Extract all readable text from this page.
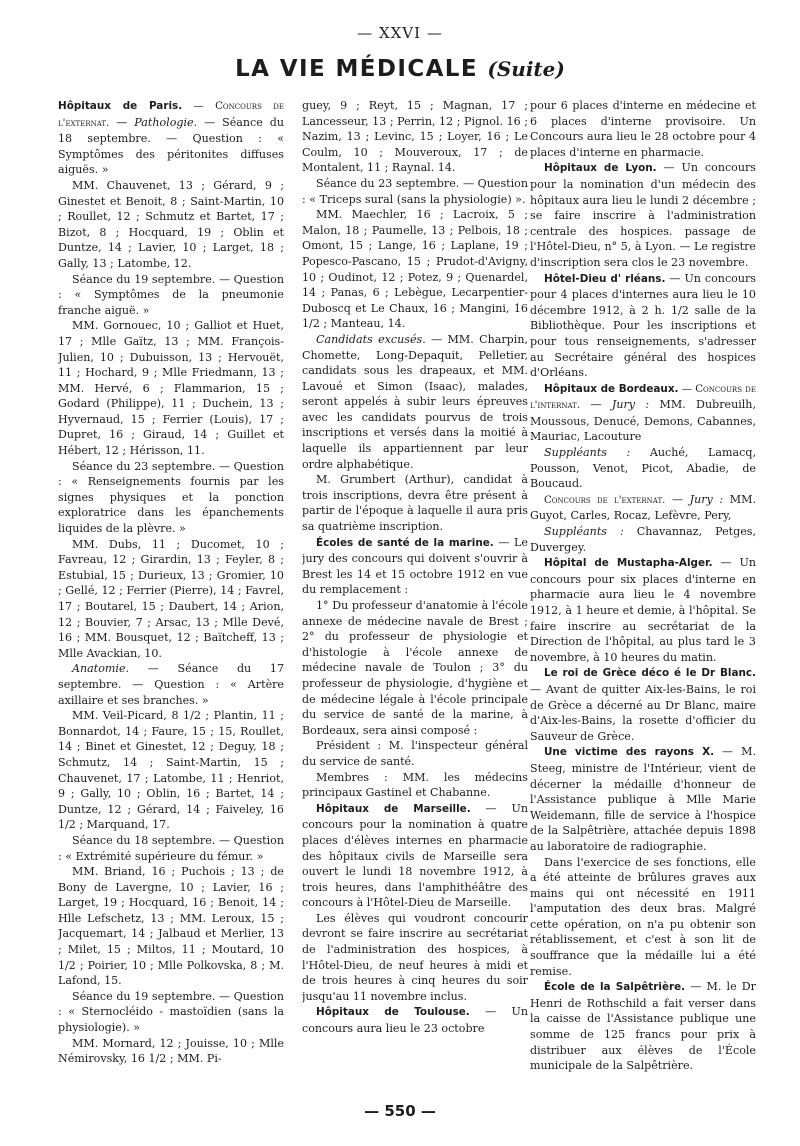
— XXVI —
LA VIE MÉDICALE (Suite)

Hôpitaux de Paris. — Concours de l'externat. — Pathologie. — Séance du 18 septembre. — Question : « Symptômes des péritonites diffuses aiguës. »

MM. Chauvenet, 13 ; Gérard, 9 ; Ginestet et Benoit, 8 ; Saint-Martin, 10 ; Roullet, 12 ; Schmutz et Bartet, 17 ; Bizot, 8 ; Hocquard, 19 ; Oblin et Duntze, 14 ; Lavier, 10 ; Larget, 18 ; Gally, 13 ; Latombe, 12.

Séance du 19 septembre. — Question : « Symptômes de la pneumonie franche aiguë. »

MM. Gornouec, 10 ; Galliot et Huet, 17 ; Mlle Gaïtz, 13 ; MM. François-Julien, 10 ; Dubuisson, 13 ; Hervouët, 11 ; Hochard, 9 ; Mlle Friedmann, 13 ; MM. Hervé, 6 ; Flammarion, 15 ; Godard (Philippe), 11 ; Duchein, 13 ; Hyvernaud, 15 ; Ferrier (Louis), 17 ; Dupret, 16 ; Giraud, 14 ; Guillet et Hébert, 12 ; Hérisson, 11.

Séance du 23 septembre. — Question : « Renseignements fournis par les signes physiques et la ponction exploratrice dans les épanchements liquides de la plèvre. »

MM. Dubs, 11 ; Ducomet, 10 ; Favreau, 12 ; Girardin, 13 ; Feyler, 8 ; Estubial, 15 ; Durieux, 13 ; Gromier, 10 ; Gellé, 12 ; Ferrier (Pierre), 14 ; Favrel, 17 ; Boutarel, 15 ; Daubert, 14 ; Arion, 12 ; Bouvier, 7 ; Arsac, 13 ; Mlle Devé, 16 ; MM. Bousquet, 12 ; Baïtcheff, 13 ; Mlle Avackian, 10.

Anatomie. — Séance du 17 septembre. — Question : « Artère axillaire et ses branches. »

MM. Veil-Picard, 8 1/2 ; Plantin, 11 ; Bonnardot, 14 ; Faure, 15 ; 15, Roullet, 14 ; Binet et Ginestet, 12 ; Deguy, 18 ; Schmutz, 14 ; Saint-Martin, 15 ; Chauvenet, 17 ; Latombe, 11 ; Henriot, 9 ; Gally, 10 ; Oblin, 16 ; Bartet, 14 ; Duntze, 12 ; Gérard, 14 ; Faiveley, 16 1/2 ; Marquand, 17.

Séance du 18 septembre. — Question : « Extrémité supérieure du fémur. »

MM. Briand, 16 ; Puchois ; 13 ; de Bony de Lavergne, 10 ; Lavier, 16 ; Larget, 19 ; Hocquard, 16 ; Benoit, 14 ; Hlle Lefschetz, 13 ; MM. Leroux, 15 ; Jacquemart, 14 ; Jalbaud et Merlier, 13 ; Milet, 15 ; Miltos, 11 ; Moutard, 10 1/2 ; Poirier, 10 ; Mlle Polkovska, 8 ; M. Lafond, 15.

Séance du 19 septembre. — Question : « Sternocléido - mastoïdien (sans la physiologie). »

MM. Mornard, 12 ; Jouisse, 10 ; Mlle Némirovsky, 16 1/2 ; MM. Pi-

guey, 9 ; Reyt, 15 ; Magnan, 17 ; Lancesseur, 13 ; Perrin, 12 ; Pignol. 16 ; Nazim, 13 ; Levinc, 15 ; Loyer, 16 ; Le Coulm, 10 ; Mouveroux, 17 ; de Montalent, 11 ; Raynal. 14.

Séance du 23 septembre. — Question : « Triceps sural (sans la physiologie) ».

MM. Maechler, 16 ; Lacroix, 5 ; Malon, 18 ; Paumelle, 13 ; Pelbois, 18 ; Omont, 15 ; Lange, 16 ; Laplane, 19 ; Popesco-Pascano, 15 ; Prudot-d'Avigny, 10 ; Oudinot, 12 ; Potez, 9 ; Quenardel, 14 ; Panas, 6 ; Lebègue, Lecarpentier-Duboscq et Le Chaux, 16 ; Mangini, 16 1/2 ; Manteau, 14.

Candidats excusés. — MM. Charpin, Chomette, Long-Depaquit, Pelletier, candidats sous les drapeaux, et MM. Lavoué et Simon (Isaac), malades, seront appelés à subir leurs épreuves avec les candidats pourvus de trois inscriptions et versés dans la moitié à laquelle ils appartiennent par leur ordre alphabétique.

M. Grumbert (Arthur), candidat à trois inscriptions, devra être présent à partir de l'époque à laquelle il aura pris sa quatrième inscription.

Écoles de santé de la marine. — Le jury des concours qui doivent s'ouvrir à Brest les 14 et 15 octobre 1912 en vue du remplacement :

1° Du professeur d'anatomie à l'école annexe de médecine navale de Brest ; 2° du professeur de physiologie et d'histologie à l'école annexe de médecine navale de Toulon ; 3° du professeur de physiologie, d'hygiène et de médecine légale à l'école principale du service de santé de la marine, à Bordeaux, sera ainsi composé :

Président : M. l'inspecteur général du service de santé.

Membres : MM. les médecins principaux Gastinel et Chabanne.

Hôpitaux de Marseille. — Un concours pour la nomination à quatre places d'élèves internes en pharmacie des hôpitaux civils de Marseille sera ouvert le lundi 18 novembre 1912, à trois heures, dans l'amphithéâtre des concours à l'Hôtel-Dieu de Marseille.

Les élèves qui voudront concourir devront se faire inscrire au secrétariat de l'administration des hospices, à l'Hôtel-Dieu, de neuf heures à midi et de trois heures à cinq heures du soir jusqu'au 11 novembre inclus.

Hôpitaux de Toulouse. — Un concours aura lieu le 23 octobre

pour 6 places d'interne en médecine et 6 places d'interne provisoire. Un Concours aura lieu le 28 octobre pour 4 places d'interne en pharmacie.

Hôpitaux de Lyon. — Un concours pour la nomination d'un médecin des hôpitaux aura lieu le lundi 2 décembre ; se faire inscrire à l'administration centrale des hospices. passage de l'Hôtel-Dieu, n° 5, à Lyon. — Le registre d'inscription sera clos le 23 novembre.

Hôtel-Dieu d' rléans. — Un concours pour 4 places d'internes aura lieu le 10 décembre 1912, à 2 h. 1/2 salle de la Bibliothèque. Pour les inscriptions et pour tous renseignements, s'adresser au Secrétaire général des hospices d'Orléans.

Hôpitaux de Bordeaux. — Concours de l'internat. — Jury : MM. Dubreuilh, Moussous, Denucé, Demons, Cabannes, Mauriac, Lacouture

Suppléants : Auché, Lamacq, Pousson, Venot, Picot, Abadie, de Boucaud.

Concours de l'externat. — Jury : MM. Guyot, Carles, Rocaz, Lefèvre, Pery,

Suppléants : Chavannaz, Petges, Duvergey.

Hôpital de Mustapha-Alger. — Un concours pour six places d'interne en pharmacie aura lieu le 4 novembre 1912, à 1 heure et demie, à l'hôpital. Se faire inscrire au secrétariat de la Direction de l'hôpital, au plus tard le 3 novembre, à 10 heures du matin.

Le roi de Grèce déco é le Dr Blanc. — Avant de quitter Aix-les-Bains, le roi de Grèce a décerné au Dr Blanc, maire d'Aix-les-Bains, la rosette d'officier du Sauveur de Grèce.

Une victime des rayons X. — M. Steeg, ministre de l'Intérieur, vient de décerner la médaille d'honneur de l'Assistance publique à Mlle Marie Weidemann, fille de service à l'hospice de la Salpêtrière, attachée depuis 1898 au laboratoire de radiographie.

Dans l'exercice de ses fonctions, elle a été atteinte de brûlures graves aux mains qui ont nécessité en 1911 l'amputation des deux bras. Malgré cette opération, on n'a pu obtenir son rétablissement, et c'est à son lit de souffrance que la médaille lui a été remise.

École de la Salpêtrière. — M. le Dr Henri de Rothschild a fait verser dans la caisse de l'Assistance publique une somme de 125 francs pour prix à distribuer aux élèves de l'École municipale de la Salpêtrière.

— 550 —
